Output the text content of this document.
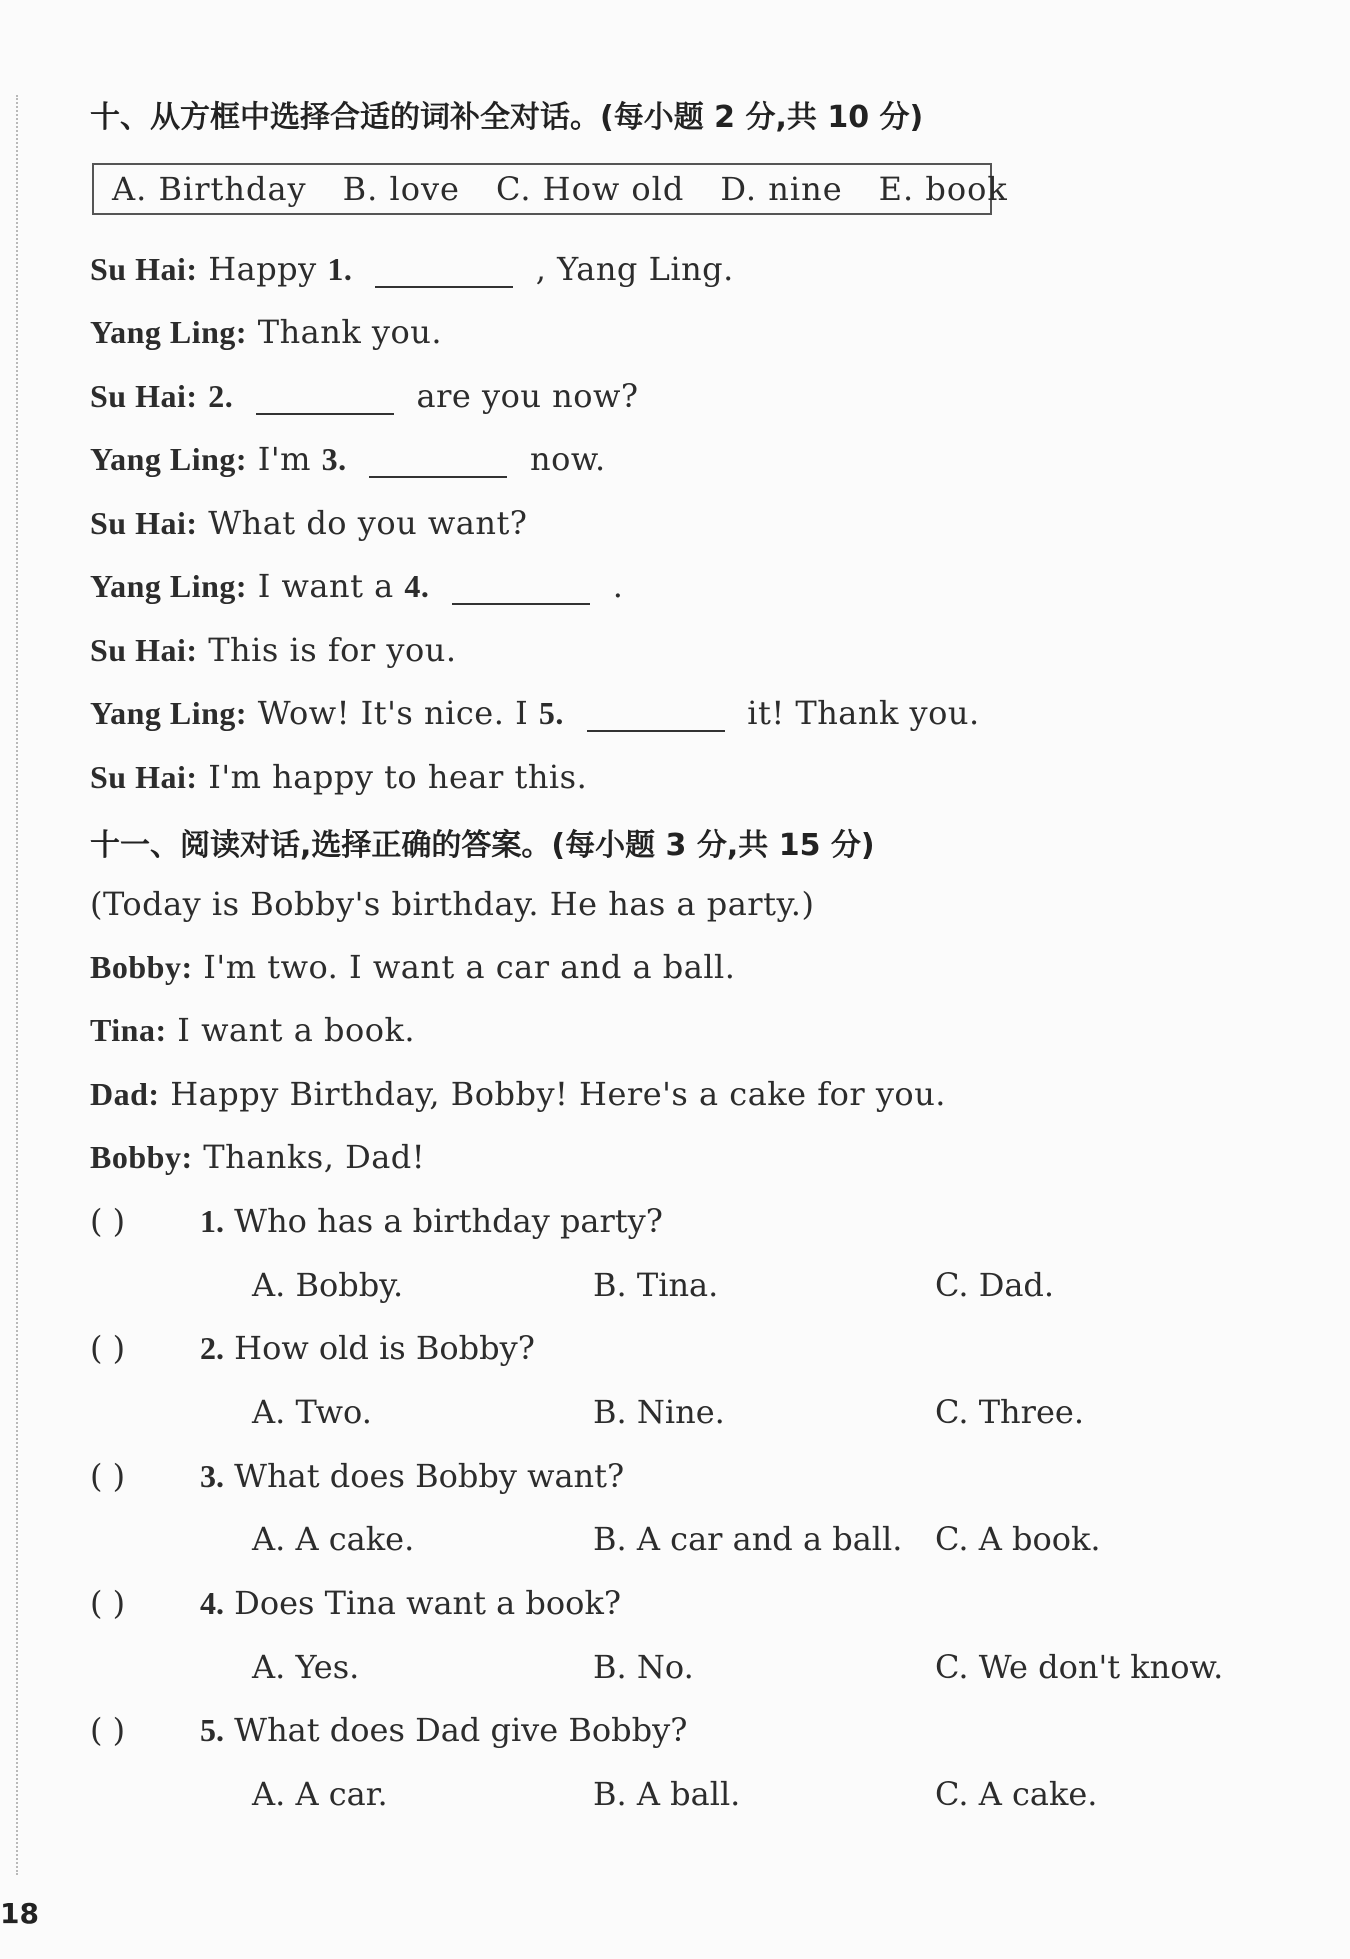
十、从方框中选择合适的词补全对话。(每小题 2 分,共 10 分)
A. Birthday B. love C. How old D. nine E. book
Su Hai: Happy 1.	, Yang Ling.
Yang Ling: Thank you.
Su Hai: 2.	are you now?
Yang Ling: I'm 3.	now.
Su Hai: What do you want?
Yang Ling: I want a 4.	.
Su Hai: This is for you.
Yang Ling: Wow! It's nice. I 5.	it! Thank you.
Su Hai: I'm happy to hear this.
十一、阅读对话,选择正确的答案。(每小题 3 分,共 15 分)
(Today is Bobby's birthday. He has a party.)
Bobby: I'm two. I want a car and a ball.
Tina: I want a book.
Dad: Happy Birthday, Bobby! Here's a cake for you.
Bobby: Thanks, Dad!
( ) 1. Who has a birthday party?
A. Bobby.	B. Tina.	C. Dad.
( ) 2. How old is Bobby?
A. Two.	B. Nine.	C. Three.
( ) 3. What does Bobby want?
A. A cake.	B. A car and a ball. C. A book.
( ) 4. Does Tina want a book?
A. Yes.	B. No.	C. We don't know.
( ) 5. What does Dad give Bobby?
A. A car.	B. A ball.	C. A cake.
18
